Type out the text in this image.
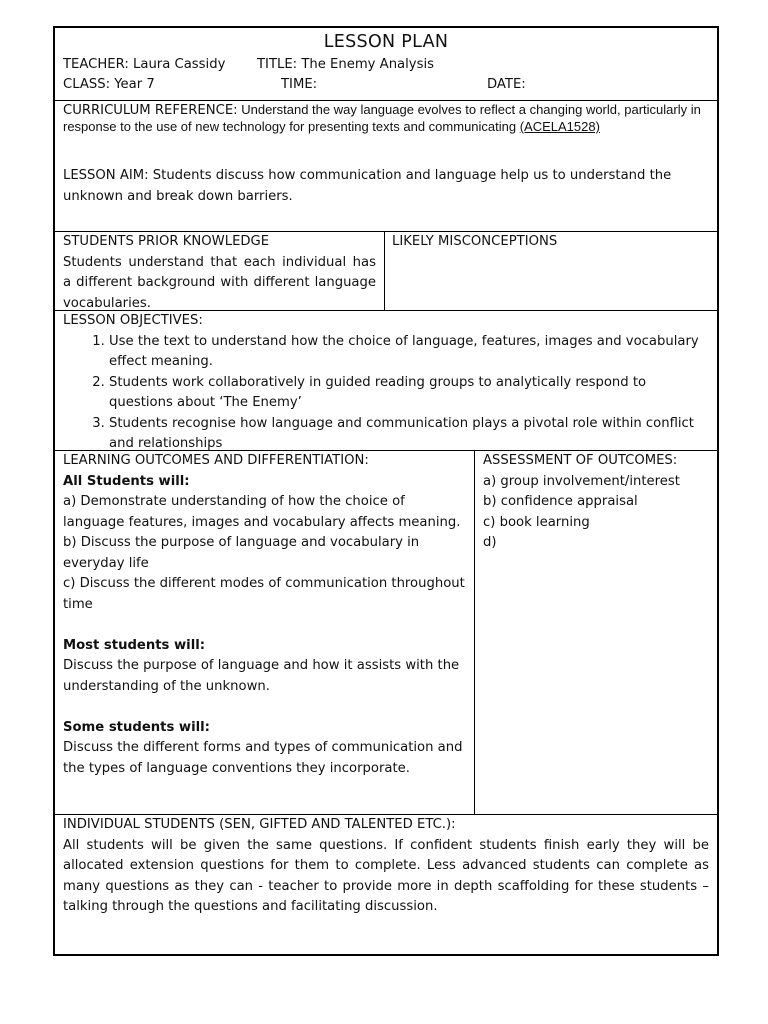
LESSON PLAN
TEACHER: Laura Cassidy TITLE: The Enemy Analysis
CLASS: Year 7	TIME:	DATE:
CURRICULUM REFERENCE: Understand the way language evolves to reflect a changing world, particularly in response to the use of new technology for presenting texts and communicating (ACELA1528)
LESSON AIM: Students discuss how communication and language help us to understand the unknown and break down barriers.
STUDENTS PRIOR KNOWLEDGE
Students understand that each individual has a different background with different language vocabularies.
LIKELY MISCONCEPTIONS
LESSON OBJECTIVES:
1. Use the text to understand how the choice of language, features, images and vocabulary effect meaning.
2. Students work collaboratively in guided reading groups to analytically respond to questions about ‘The Enemy’
3. Students recognise how language and communication plays a pivotal role within conflict and relationships
LEARNING OUTCOMES AND DIFFERENTIATION:
All Students will:
a) Demonstrate understanding of how the choice of language features, images and vocabulary affects meaning.
b) Discuss the purpose of language and vocabulary in everyday life
c) Discuss the different modes of communication throughout time
Most students will:
Discuss the purpose of language and how it assists with the understanding of the unknown.
Some students will:
Discuss the different forms and types of communication and the types of language conventions they incorporate.
ASSESSMENT OF OUTCOMES:
a) group involvement/interest
b) confidence appraisal
c) book learning
d)
INDIVIDUAL STUDENTS (SEN, GIFTED AND TALENTED ETC.):
All students will be given the same questions. If confident students finish early they will be allocated extension questions for them to complete. Less advanced students can complete as many questions as they can - teacher to provide more in depth scaffolding for these students – talking through the questions and facilitating discussion.
